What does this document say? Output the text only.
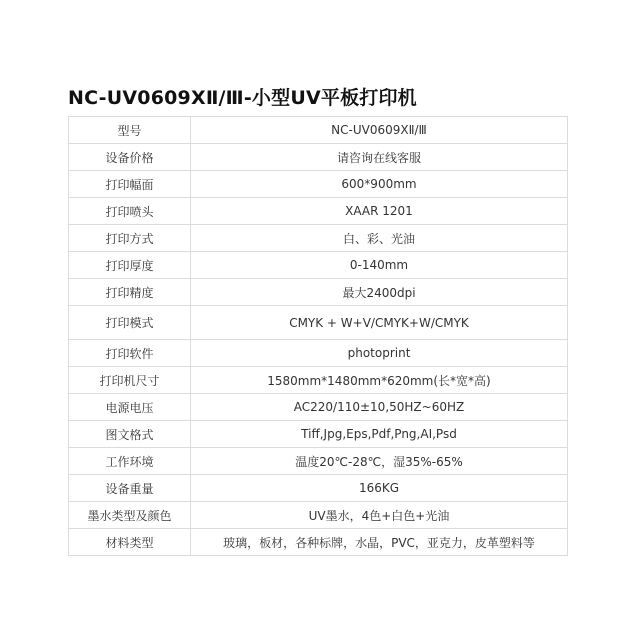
NC-UV0609XⅡ/Ⅲ-小型UV平板打印机
型号	NC-UV0609XⅡ/Ⅲ
设备价格	请咨询在线客服
打印幅面	600*900mm
打印喷头	XAAR 1201
打印方式	白、彩、光油
打印厚度	0-140mm
打印精度	最大2400dpi
打印模式	CMYK + W+V/CMYK+W/CMYK
打印软件	photoprint
打印机尺寸	1580mm*1480mm*620mm(长*宽*高)
电源电压	AC220/110±10,50HZ~60HZ
图文格式	Tiff,Jpg,Eps,Pdf,Png,AI,Psd
工作环境	温度20℃-28℃，湿35%-65%
设备重量	166KG
墨水类型及颜色	UV墨水，4色+白色+光油
材料类型	玻璃，板材，各种标牌，水晶，PVC，亚克力，皮革塑料等
